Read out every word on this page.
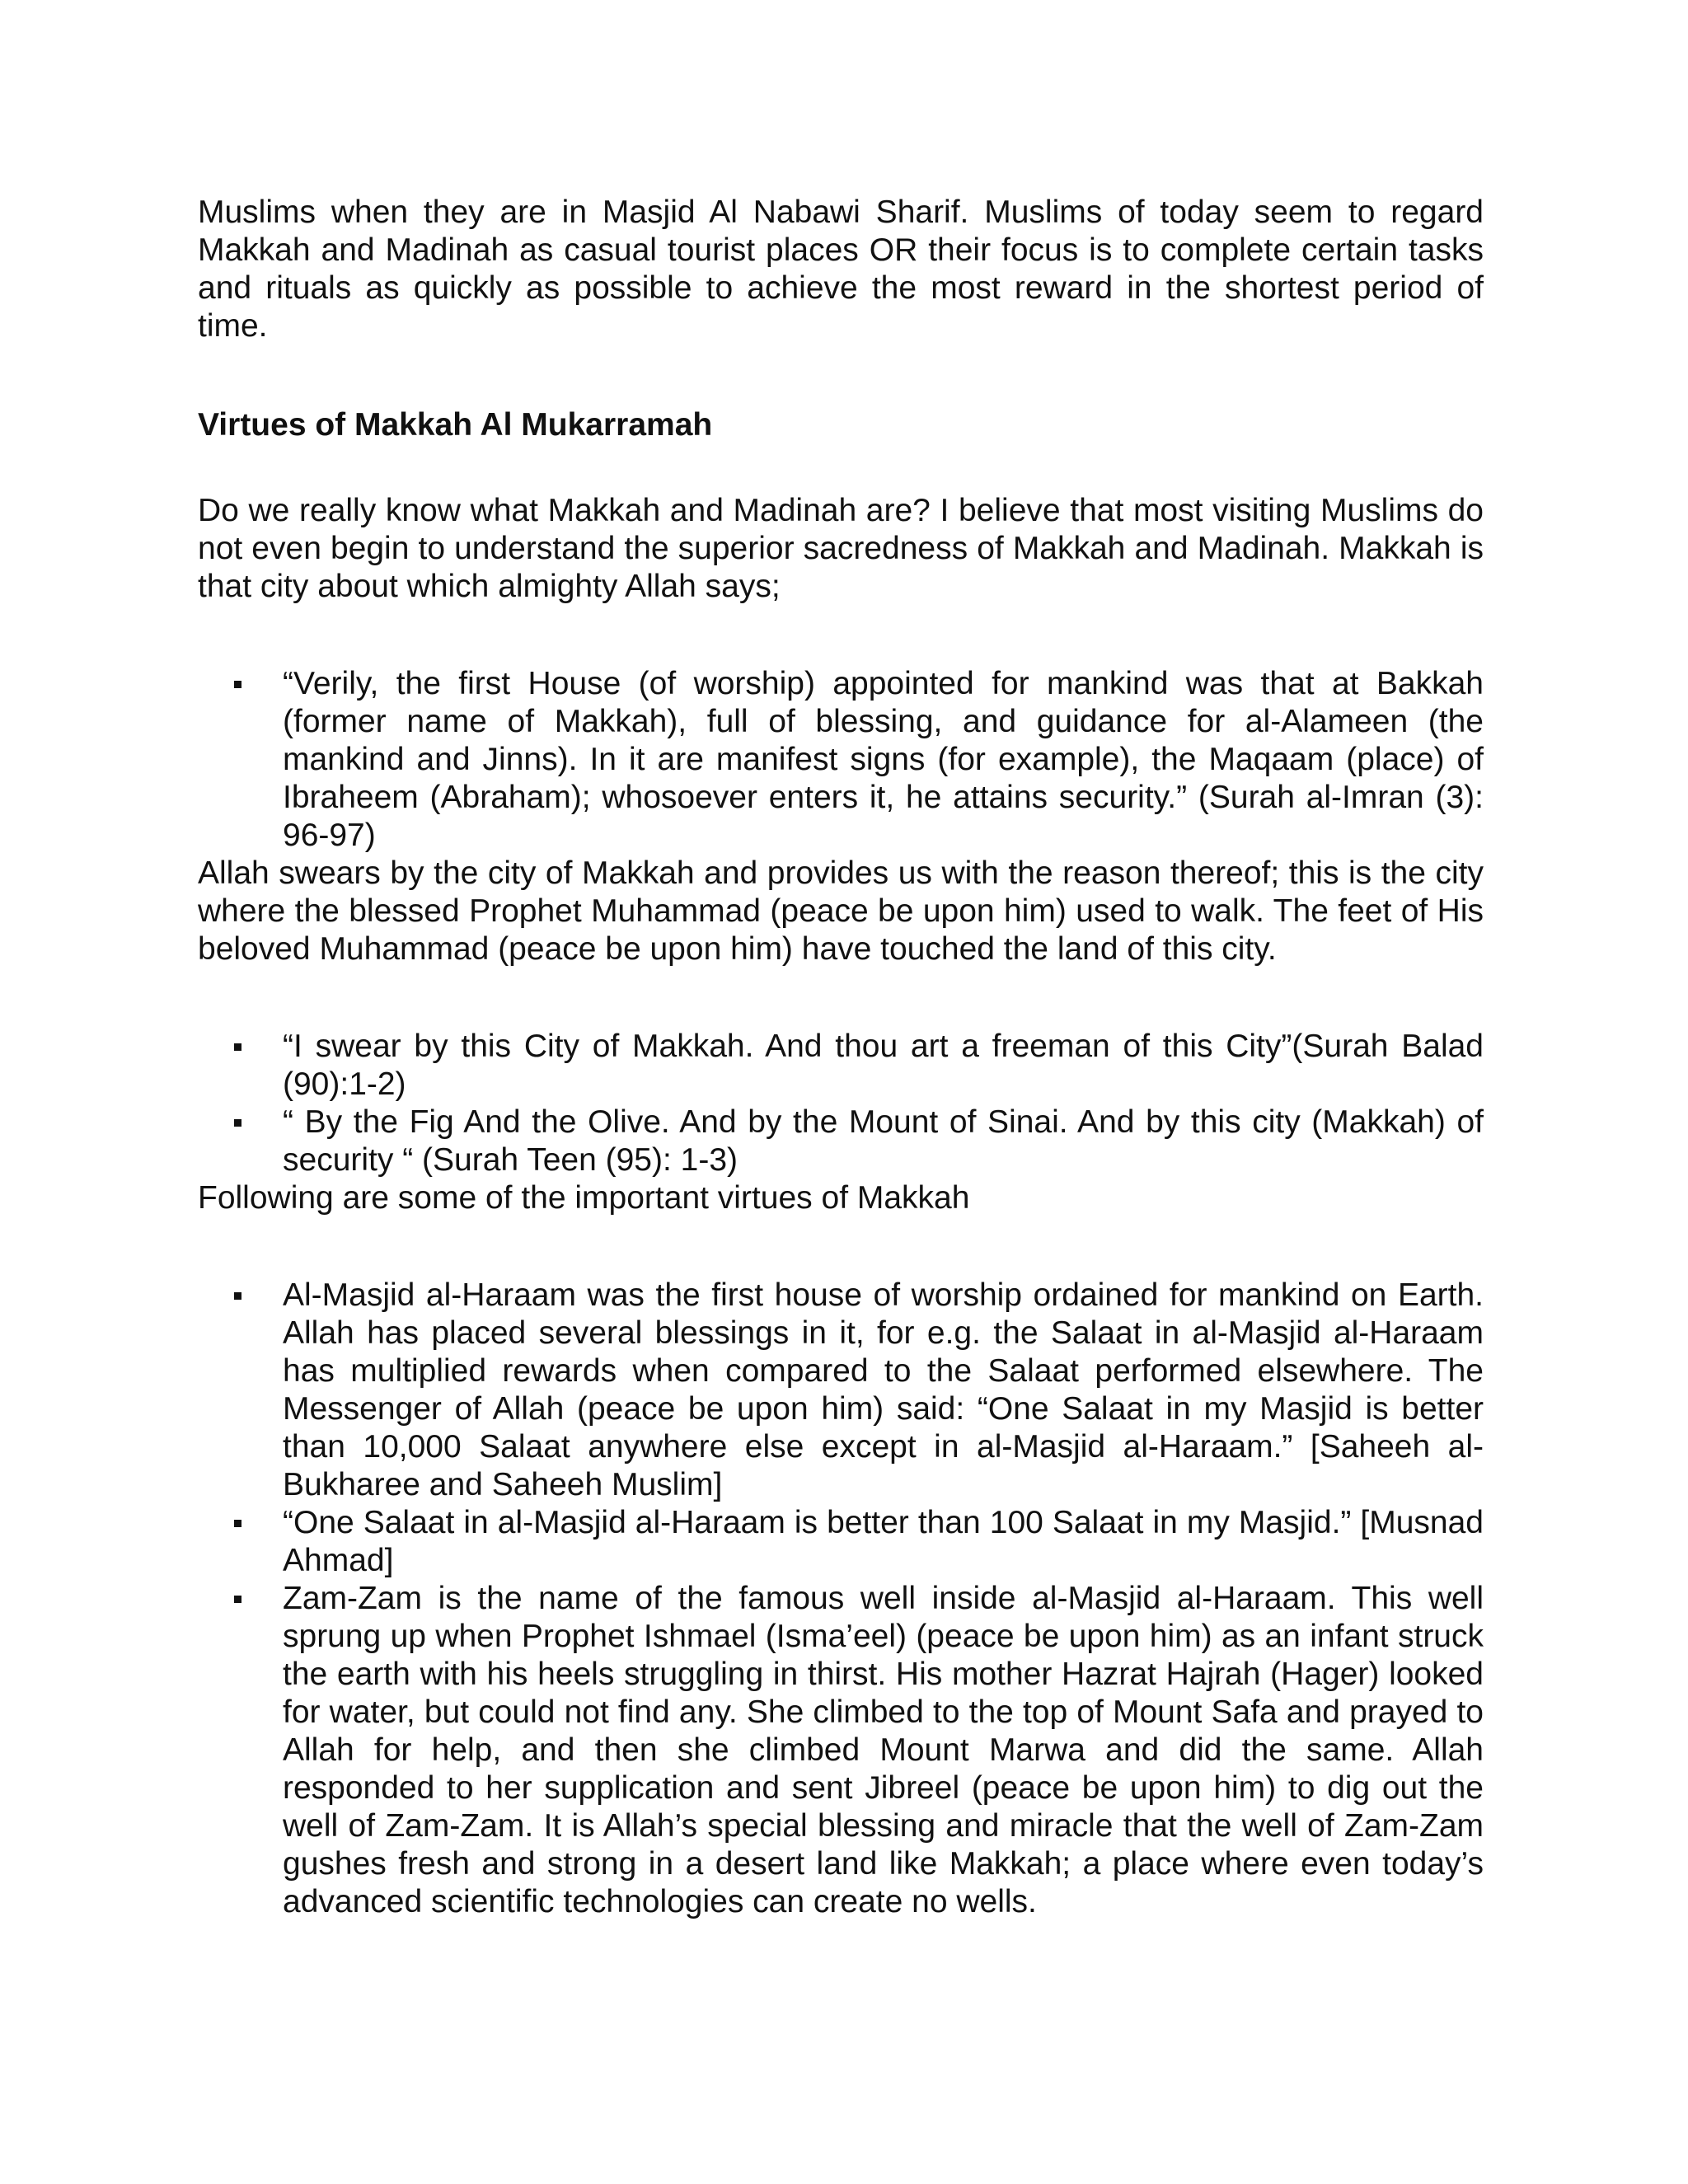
Muslims when they are in Masjid Al Nabawi Sharif. Muslims of today seem to regard Makkah and Madinah as casual tourist places OR their focus is to complete certain tasks and rituals as quickly as possible to achieve the most reward in the shortest period of time.

Virtues of Makkah Al Mukarramah

Do we really know what Makkah and Madinah are? I believe that most visiting Muslims do not even begin to understand the superior sacredness of Makkah and Madinah. Makkah is that city about which almighty Allah says;

“Verily, the first House (of worship) appointed for mankind was that at Bakkah (former name of Makkah), full of blessing, and guidance for al-Alameen (the mankind and Jinns). In it are manifest signs (for example), the Maqaam (place) of Ibraheem (Abraham); whosoever enters it, he attains security.” (Surah al-Imran (3): 96-97)

Allah swears by the city of Makkah and provides us with the reason thereof; this is the city where the blessed Prophet Muhammad (peace be upon him) used to walk. The feet of His beloved Muhammad (peace be upon him) have touched the land of this city.

“I swear by this City of Makkah. And thou art a freeman of this City”(Surah Balad (90):1-2)
“ By the Fig And the Olive. And by the Mount of Sinai. And by this city (Makkah) of security “ (Surah Teen (95): 1-3)

Following are some of the important virtues of Makkah

Al-Masjid al-Haraam was the first house of worship ordained for mankind on Earth. Allah has placed several blessings in it, for e.g. the Salaat in al-Masjid al-Haraam has multiplied rewards when compared to the Salaat performed elsewhere. The Messenger of Allah (peace be upon him) said: “One Salaat in my Masjid is better than 10,000 Salaat anywhere else except in al-Masjid al-Haraam.” [Saheeh al-Bukharee and Saheeh Muslim]
“One Salaat in al-Masjid al-Haraam is better than 100 Salaat in my Masjid.” [Musnad Ahmad]
Zam-Zam is the name of the famous well inside al-Masjid al-Haraam. This well sprung up when Prophet Ishmael (Isma’eel) (peace be upon him) as an infant struck the earth with his heels struggling in thirst. His mother Hazrat Hajrah (Hager) looked for water, but could not find any. She climbed to the top of Mount Safa and prayed to Allah for help, and then she climbed Mount Marwa and did the same. Allah responded to her supplication and sent Jibreel (peace be upon him) to dig out the well of Zam-Zam. It is Allah’s special blessing and miracle that the well of Zam-Zam gushes fresh and strong in a desert land like Makkah; a place where even today’s advanced scientific technologies can create no wells.
